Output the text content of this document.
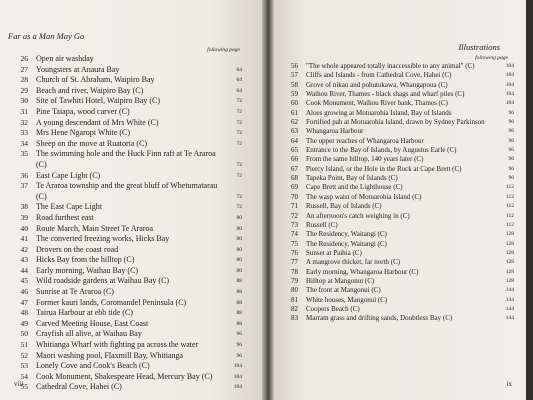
Far as a Man May Go

following page
26 Open air washday
27 Youngsters at Anaura Bay	64
28 Church of St. Abraham, Waipiro Bay	64
29 Beach and river, Waipiro Bay (C)	64
30 Site of Tawhiti Hotel, Waipiro Bay (C)	72
31 Pine Taiapa, wood carver (C)	72
32 A young descendant of Mrs White (C)	72
33 Mrs Hene Ngaropi White (C)	72
34 Sheep on the move at Ruatoria (C)	72
35 The swimming hole and the Huck Finn raft at Te Araroa (C)	72
36 East Cape Light (C)	72
37 Te Araroa township and the great bluff of Whetumatarau (C)	72
38 The East Cape Light	72
39 Road furthest east	80
40 Route March, Main Street Te Araroa	80
41 The converted freezing works, Hicks Bay	80
42 Drovers on the coast road	80
43 Hicks Bay from the hilltop (C)	80
44 Early morning, Waihau Bay (C)	80
45 Wild roadside gardens at Waihau Bay (C)	88
46 Sunrise at Te Araroa (C)	88
47 Former kauri lands, Coromandel Peninsula (C)	88
48 Tairua Harbour at ebb tide (C)	88
49 Carved Meeting House, East Coast	88
50 Crayfish all alive, at Waihau Bay	96
51 Whitianga Wharf with fighting pa across the water	96
52 Maori washing pool, Flaxmill Bay, Whitianga	96
53 Lonely Cove and Cook's Beach (C)	104
54 Cook Monument, Shakespeare Head, Mercury Bay (C)	104
55 Cathedral Cove, Hahei (C)	104
viii

Illustrations

following page
56 "The whole appeared totally inaccessible to any animal" (C)	104
57 Cliffs and Islands - from Cathedral Cove, Hahei (C)	104
58 Grove of nikau and pohutukawa, Whangapoua (C)	104
59 Waihou River, Thames - black shags and wharf piles (C)	104
60 Cook Monument, Waihou River bank, Thames (C)	104
61 Aloes growing at Motuarohia Island, Bay of Islands	96
62 Fortified pah at Motuarohia Island, drawn by Sydney Parkinson	96
63 Whangaroa Harbour	96
64 The upper reaches of Whangaroa Harbour	96
65 Entrance to the Bay of Islands, by Augustus Earle (C)	96
66 From the same hilltop, 140 years later (C)	96
67 Piercy Island, or the Hole in the Rock at Cape Brett (C)	96
68 Tapeka Point, Bay of Islands (C)	96
69 Cape Brett and the Lighthouse (C)	112
70 The wasp waist of Motuarohia Island (C)	112
71 Russell, Bay of Islands (C)	112
72 An afternoon's catch weighing in (C)	112
73 Russell (C)	112
74 The Residency, Waitangi (C)	128
75 The Residency, Waitangi (C)	128
76 Sunset at Paihia (C)	128
77 A mangrove thicket, far north (C)	128
78 Early morning, Whangaroa Harbour (C)	128
79 Hilltop at Mangonui (C)	128
80 The front at Mangonui (C)	144
81 White houses, Mangonui (C)	144
82 Coopers Beach (C)	144
83 Marram grass and drifting sands, Doubtless Bay (C)	144
ix
